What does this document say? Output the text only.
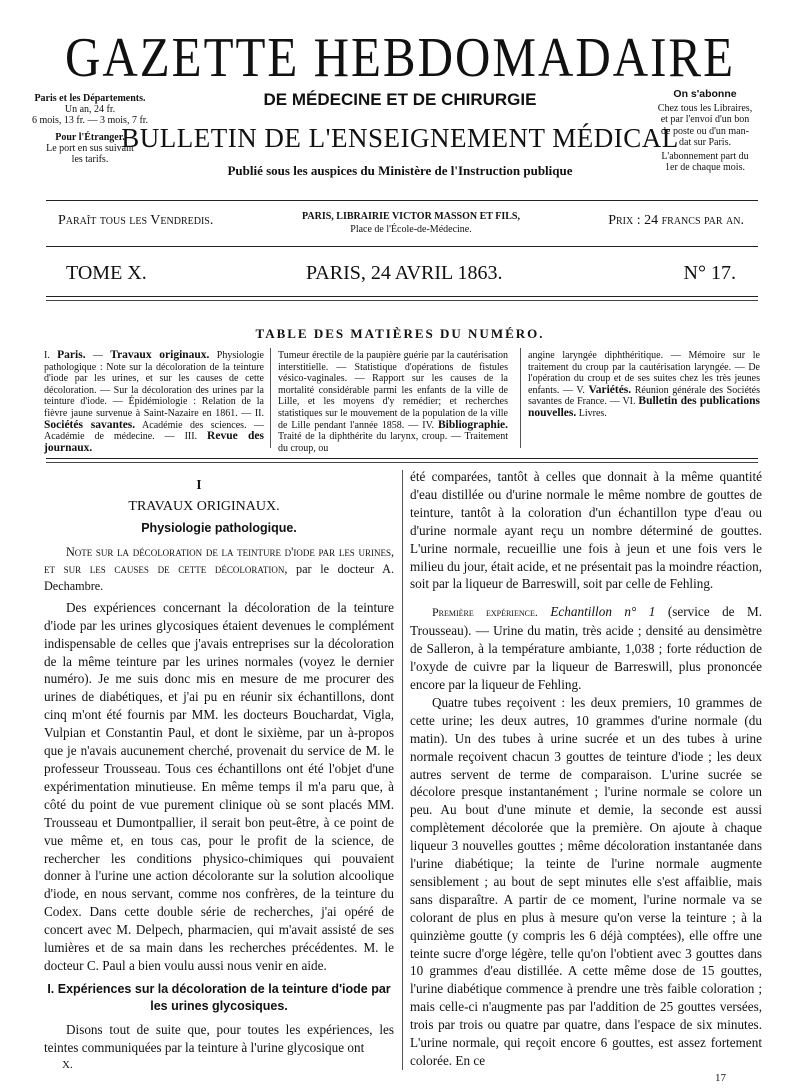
GAZETTE HEBDOMADAIRE
Paris et les Départements.
Un an, 24 fr.
6 mois, 13 fr. — 3 mois, 7 fr.
Pour l'Étranger.
Le port en sus suivant
les tarifs.
DE MÉDECINE ET DE CHIRURGIE
BULLETIN DE L'ENSEIGNEMENT MÉDICAL
Publié sous les auspices du Ministère de l'Instruction publique
On s'abonne
Chez tous les Libraires,
et par l'envoi d'un bon
de poste ou d'un man-
dat sur Paris.
L'abonnement part du
1er de chaque mois.
Paraît tous les Vendredis.	PARIS, LIBRAIRIE VICTOR MASSON ET FILS,
Place de l'École-de-Médecine.
Prix : 24 francs par an.
TOME X.	PARIS, 24 AVRIL 1863.	N° 17.
TABLE DES MATIÈRES DU NUMÉRO.
I. Paris. — Travaux originaux. Physiologie pathologique : Note sur la décoloration de la teinture d'iode par les urines, et sur les causes de cette décoloration. — Sur la décoloration des urines par la teinture d'iode. — Épidémiologie : Relation de la fièvre jaune survenue à Saint-Nazaire en 1861. — II. Sociétés savantes. Académie des sciences. — Académie de médecine. — III. Revue des journaux.
Tumeur érectile de la paupière guérie par la cautérisation interstitielle. — Statistique d'opérations de fistules vésico-vaginales. — Rapport sur les causes de la mortalité considérable parmi les enfants de la ville de Lille, et les moyens d'y remédier; et recherches statistiques sur le mouvement de la population de la ville de Lille pendant l'année 1858. — IV. Bibliographie. Traité de la diphthérite du larynx, croup. — Traitement du croup, ou
angine laryngée diphthéritique. — Mémoire sur le traitement du croup par la cautérisation laryngée. — De l'opération du croup et de ses suites chez les très jeunes enfants. — V. Variétés. Réunion générale des Sociétés savantes de France. — VI. Bulletin des publications nouvelles. Livres.
I
TRAVAUX ORIGINAUX.
Physiologie pathologique.

Note sur la décoloration de la teinture d'iode par les urines, et sur les causes de cette décoloration, par le docteur A. Dechambre.

Des expériences concernant la décoloration de la teinture d'iode par les urines glycosiques étaient devenues le complément indispensable de celles que j'avais entreprises sur la décoloration de la même teinture par les urines normales (voyez le dernier numéro). Je me suis donc mis en mesure de me procurer des urines de diabétiques, et j'ai pu en réunir six échantillons, dont cinq m'ont été fournis par MM. les docteurs Bouchardat, Vigla, Vulpian et Constantin Paul, et dont le sixième, par un à-propos que je n'avais aucunement cherché, provenait du service de M. le professeur Trousseau. Tous ces échantillons ont été l'objet d'une expérimentation minutieuse. En même temps il m'a paru que, à côté du point de vue purement clinique où se sont placés MM. Trousseau et Dumontpallier, il serait bon peut-être, à ce point de vue même et, en tous cas, pour le profit de la science, de rechercher les conditions physico-chimiques qui pouvaient donner à l'urine une action décolorante sur la solution alcoolique d'iode, en nous servant, comme nos confrères, de la teinture du Codex. Dans cette double série de recherches, j'ai opéré de concert avec M. Delpech, pharmacien, qui m'avait assisté de ses lumières et de sa main dans les recherches précédentes. M. le docteur C. Paul a bien voulu aussi nous venir en aide.

I. Expériences sur la décoloration de la teinture d'iode par les urines glycosiques.

Disons tout de suite que, pour toutes les expériences, les teintes communiquées par la teinture à l'urine glycosique ont

X.

été comparées, tantôt à celles que donnait à la même quantité d'eau distillée ou d'urine normale le même nombre de gouttes de teinture, tantôt à la coloration d'un échantillon type d'eau ou d'urine normale ayant reçu un nombre déterminé de gouttes. L'urine normale, recueillie une fois à jeun et une fois vers le milieu du jour, était acide, et ne présentait pas la moindre réaction, soit par la liqueur de Barreswill, soit par celle de Fehling.

Première expérience. Echantillon n° 1 (service de M. Trousseau). — Urine du matin, très acide ; densité au densimètre de Salleron, à la température ambiante, 1,038 ; forte réduction de l'oxyde de cuivre par la liqueur de Barreswill, plus prononcée encore par la liqueur de Fehling.

Quatre tubes reçoivent : les deux premiers, 10 grammes de cette urine; les deux autres, 10 grammes d'urine normale (du matin). Un des tubes à urine sucrée et un des tubes à urine normale reçoivent chacun 3 gouttes de teinture d'iode ; les deux autres servent de terme de comparaison. L'urine sucrée se décolore presque instantanément ; l'urine normale se colore un peu. Au bout d'une minute et demie, la seconde est aussi complètement décolorée que la première. On ajoute à chaque liqueur 3 nouvelles gouttes ; même décoloration instantanée dans l'urine diabétique; la teinte de l'urine normale augmente sensiblement ; au bout de sept minutes elle s'est affaiblie, mais sans disparaître. A partir de ce moment, l'urine normale va se colorant de plus en plus à mesure qu'on verse la teinture ; à la quinzième goutte (y compris les 6 déjà comptées), elle offre une teinte sucre d'orge légère, telle qu'on l'obtient avec 3 gouttes dans 10 grammes d'eau distillée. A cette même dose de 15 gouttes, l'urine diabétique commence à prendre une très faible coloration ; mais celle-ci n'augmente pas par l'addition de 25 gouttes versées, trois par trois ou quatre par quatre, dans l'espace de six minutes. L'urine normale, qui reçoit encore 6 gouttes, est assez fortement colorée. En ce

17
